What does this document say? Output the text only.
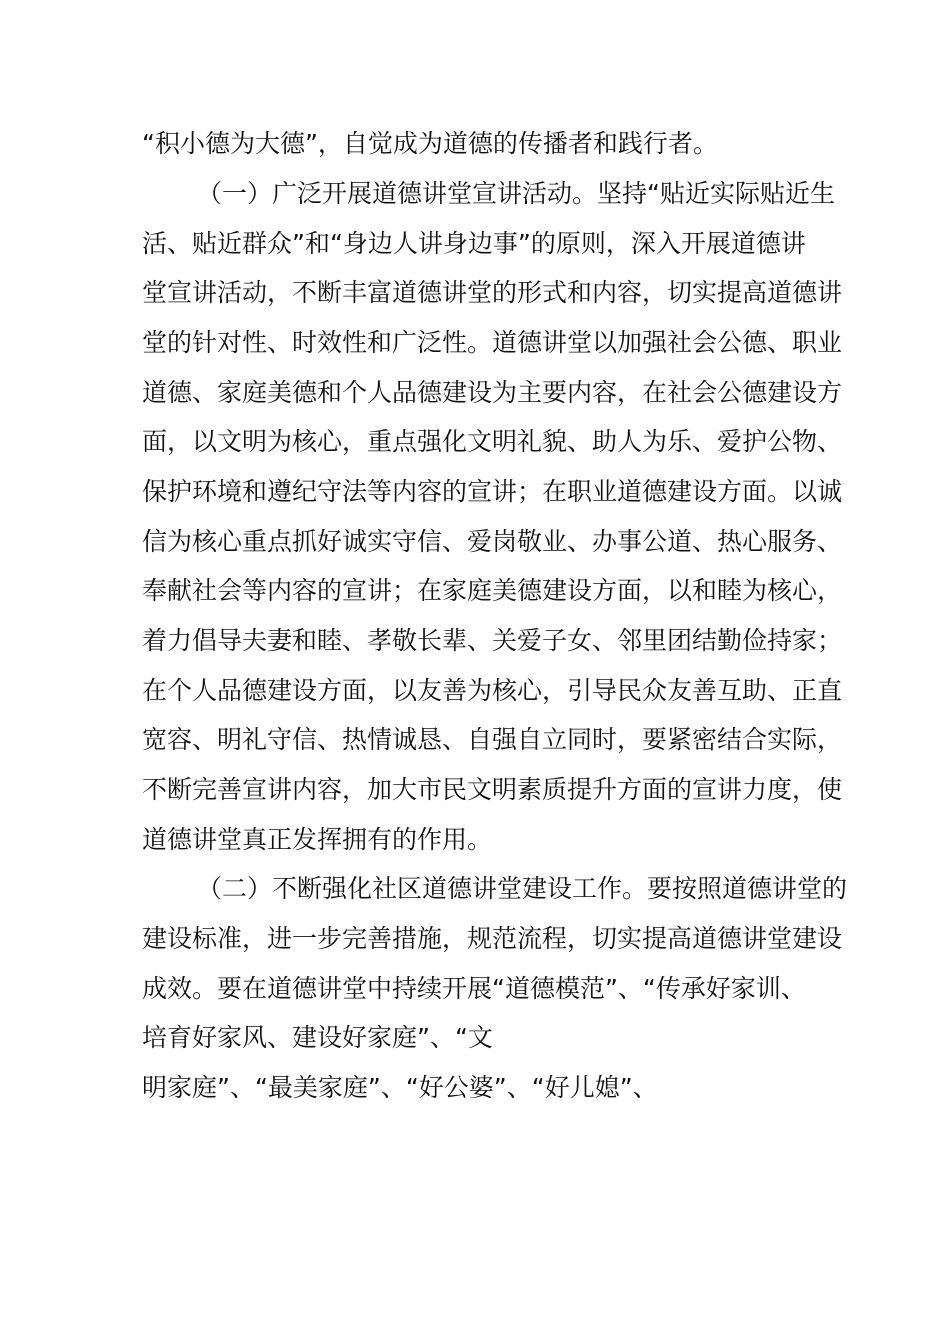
“积小德为大德”，自觉成为道德的传播者和践行者。
（一）广泛开展道德讲堂宣讲活动。坚持“贴近实际贴近生
活、贴近群众”和“身边人讲身边事”的原则，深入开展道德讲
堂宣讲活动，不断丰富道德讲堂的形式和内容，切实提高道德讲
堂的针对性、时效性和广泛性。道德讲堂以加强社会公德、职业
道德、家庭美德和个人品德建设为主要内容，在社会公德建设方
面，以文明为核心，重点强化文明礼貌、助人为乐、爱护公物、
保护环境和遵纪守法等内容的宣讲；在职业道德建设方面。以诚
信为核心重点抓好诚实守信、爱岗敬业、办事公道、热心服务、
奉献社会等内容的宣讲；在家庭美德建设方面，以和睦为核心，
着力倡导夫妻和睦、孝敬长辈、关爱子女、邻里团结勤俭持家；
在个人品德建设方面，以友善为核心，引导民众友善互助、正直
宽容、明礼守信、热情诚恳、自强自立同时，要紧密结合实际，
不断完善宣讲内容，加大市民文明素质提升方面的宣讲力度，使
道德讲堂真正发挥拥有的作用。
（二）不断强化社区道德讲堂建设工作。要按照道德讲堂的
建设标准，进一步完善措施，规范流程，切实提高道德讲堂建设
成效。要在道德讲堂中持续开展“道德模范”、“传承好家训、
培育好家风、建设好家庭”、“文
明家庭”、“最美家庭”、“好公婆”、“好儿媳”、
